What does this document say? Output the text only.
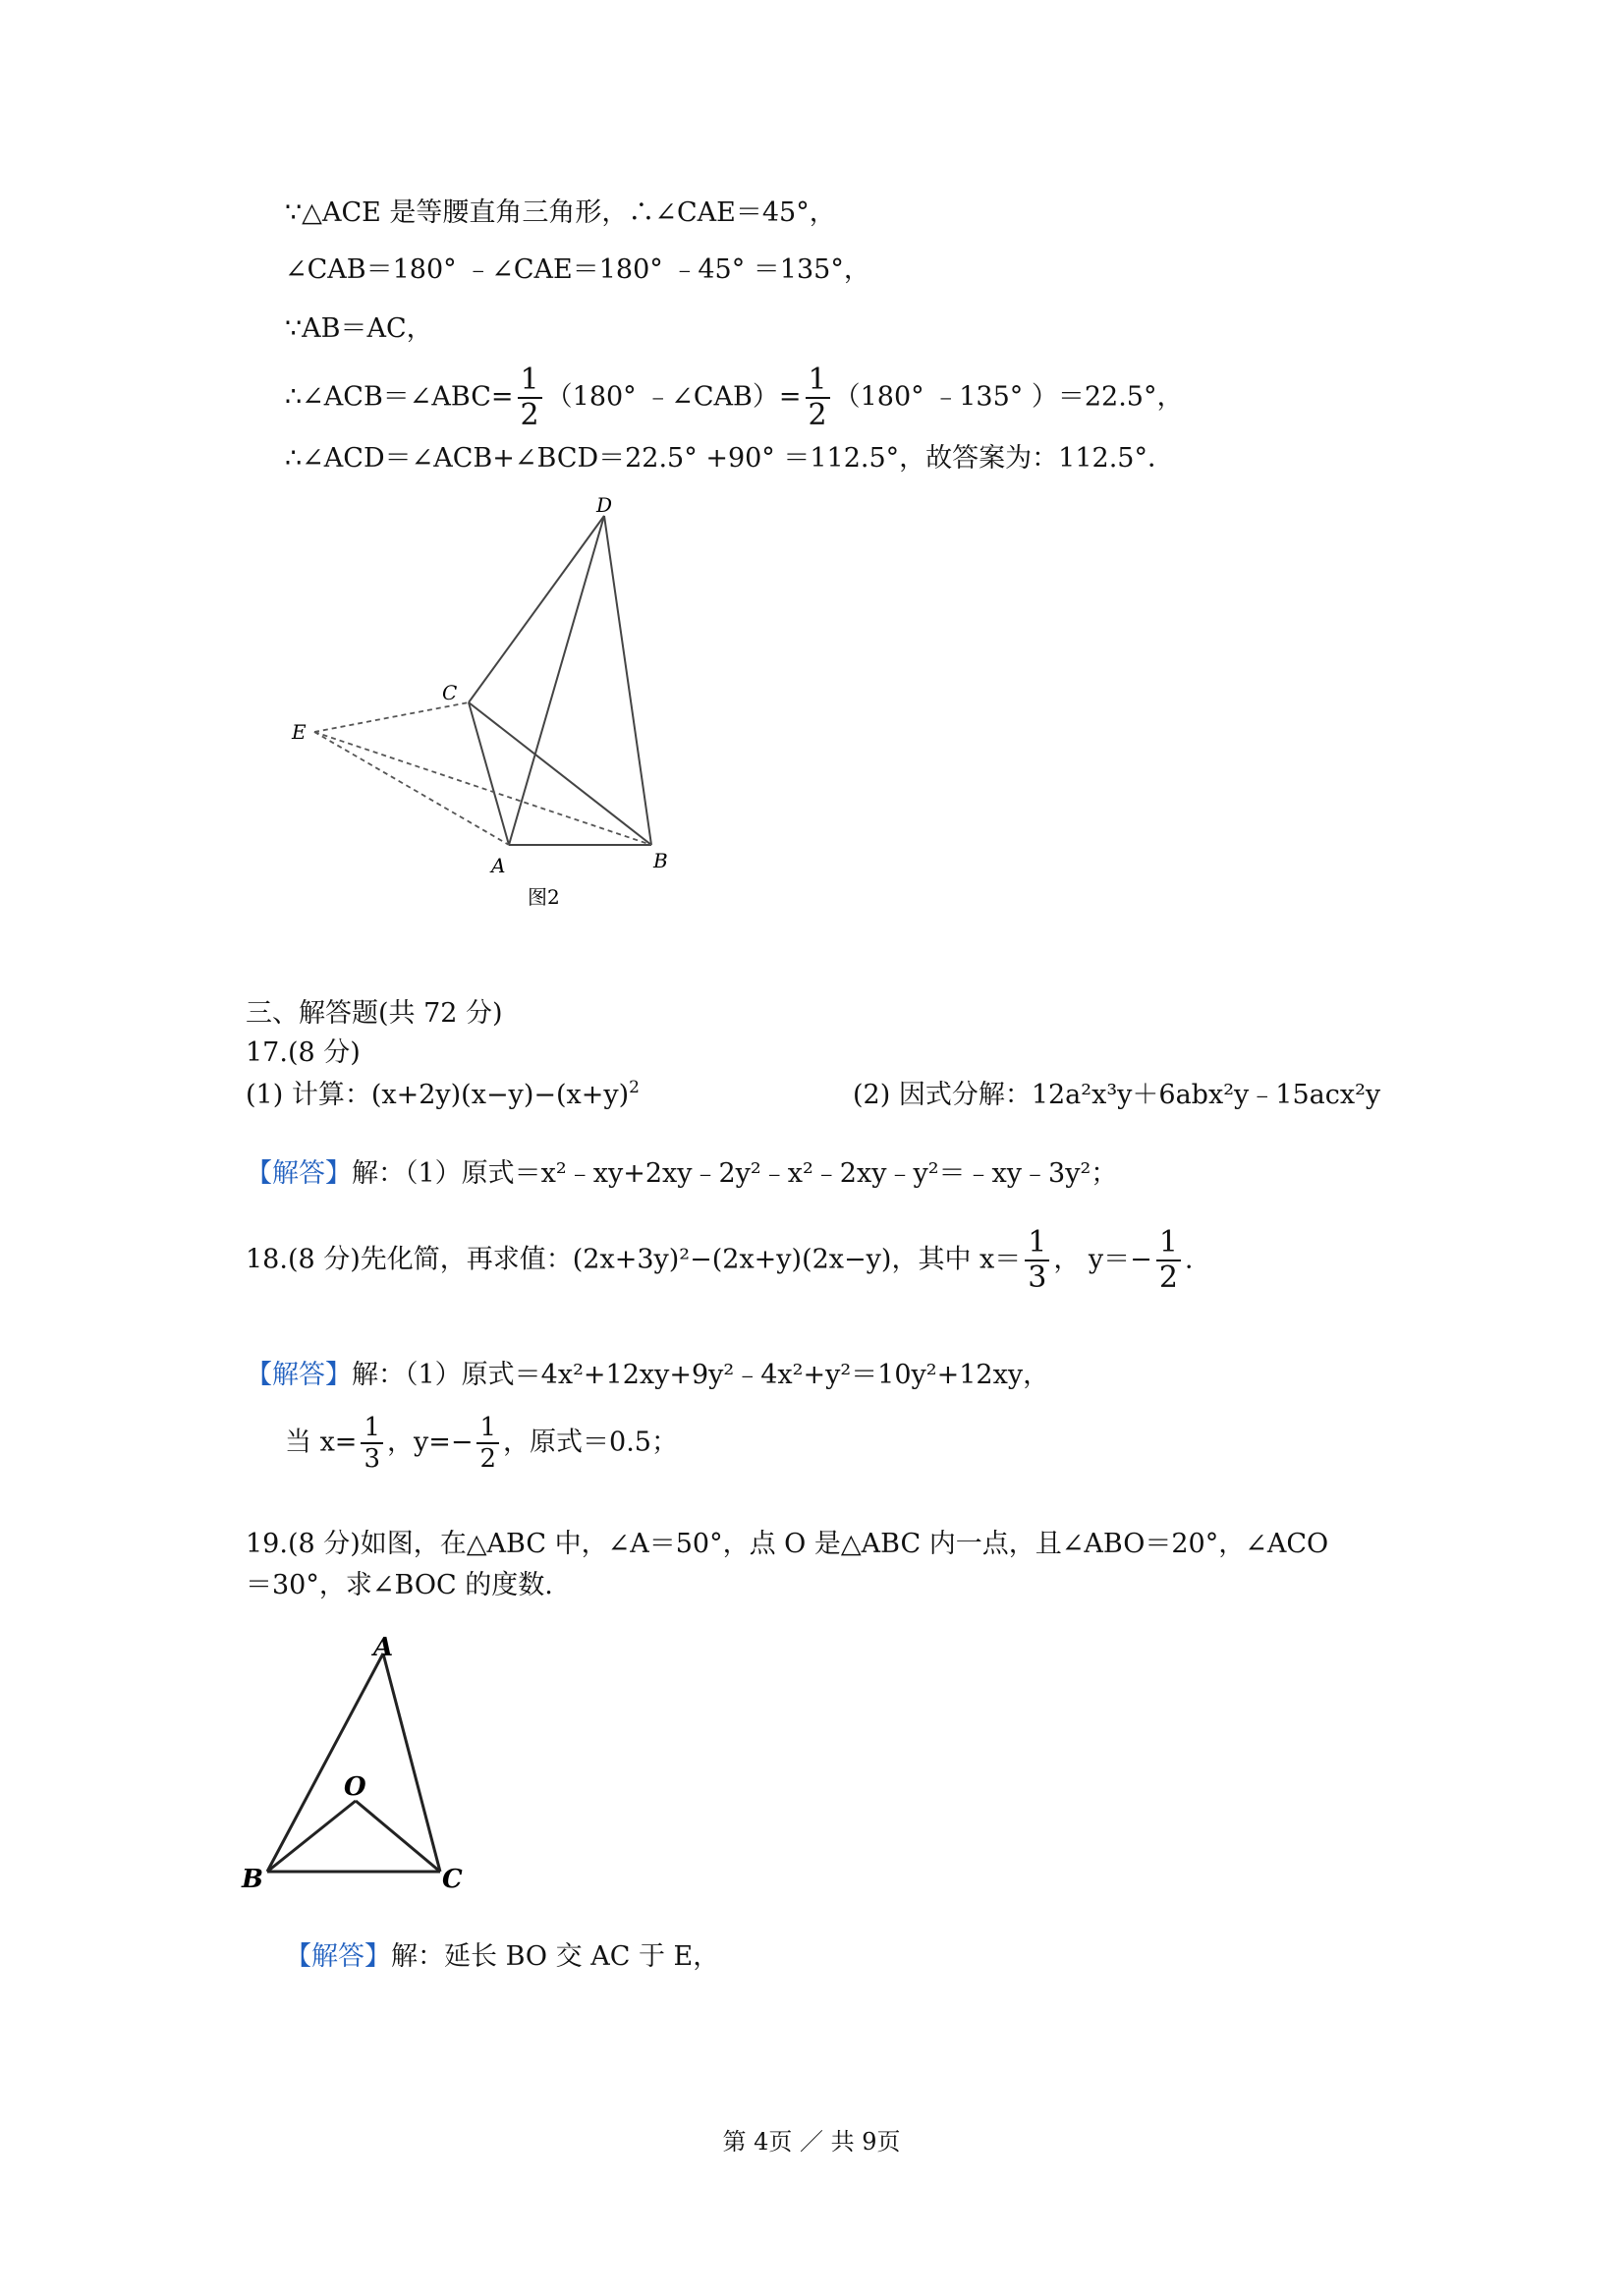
∵△ACE 是等腰直角三角形，∴∠CAE＝45°，
∠CAB＝180° ﹣∠CAE＝180° ﹣45° ＝135°，
∵AB＝AC，
∴∠ACB＝∠ABC= $\frac{1}{2} (180^\circ$ ﹣∠CAB）= $\frac{1}{2} (180^\circ$ ﹣135° ）＝22.5°，
∴∠ACD＝∠ACB+∠BCD＝22.5° +90° ＝112.5°，故答案为：112.5°．
D
C
E
A	B
图2
三、解答题(共 72 分)
17.(8 分)
(1) 计算：$(x+2y)(x-y)-(x+y)^2$	(2) 因式分解：12a²x³y＋6abx²y﹣15acx²y
【解答】解：（1）原式＝x²﹣xy+2xy﹣2y²﹣x²﹣2xy﹣y²＝﹣xy﹣3y²；
18.(8 分)先化简，再求值：(2x+3y)²−(2x+y)(2x−y)，其中 $x= \frac{1}{3}$ ， $y=- \frac{1}{2}$ .
【解答】解：（1）原式＝4x²+12xy+9y²﹣4x²+y²＝10y²+12xy，
当 $x= \frac{1}{3}$ ，$y=- \frac{1}{2}$ ，原式＝0.5；
19.(8 分)如图，在△ABC 中，∠A＝50°，点 O 是△ABC 内一点，且∠ABO＝20°，∠ACO
＝30°，求∠BOC 的度数.
A
O
B	C
【解答】解：延长 BO 交 AC 于 E，
第 4页 ／ 共 9页
